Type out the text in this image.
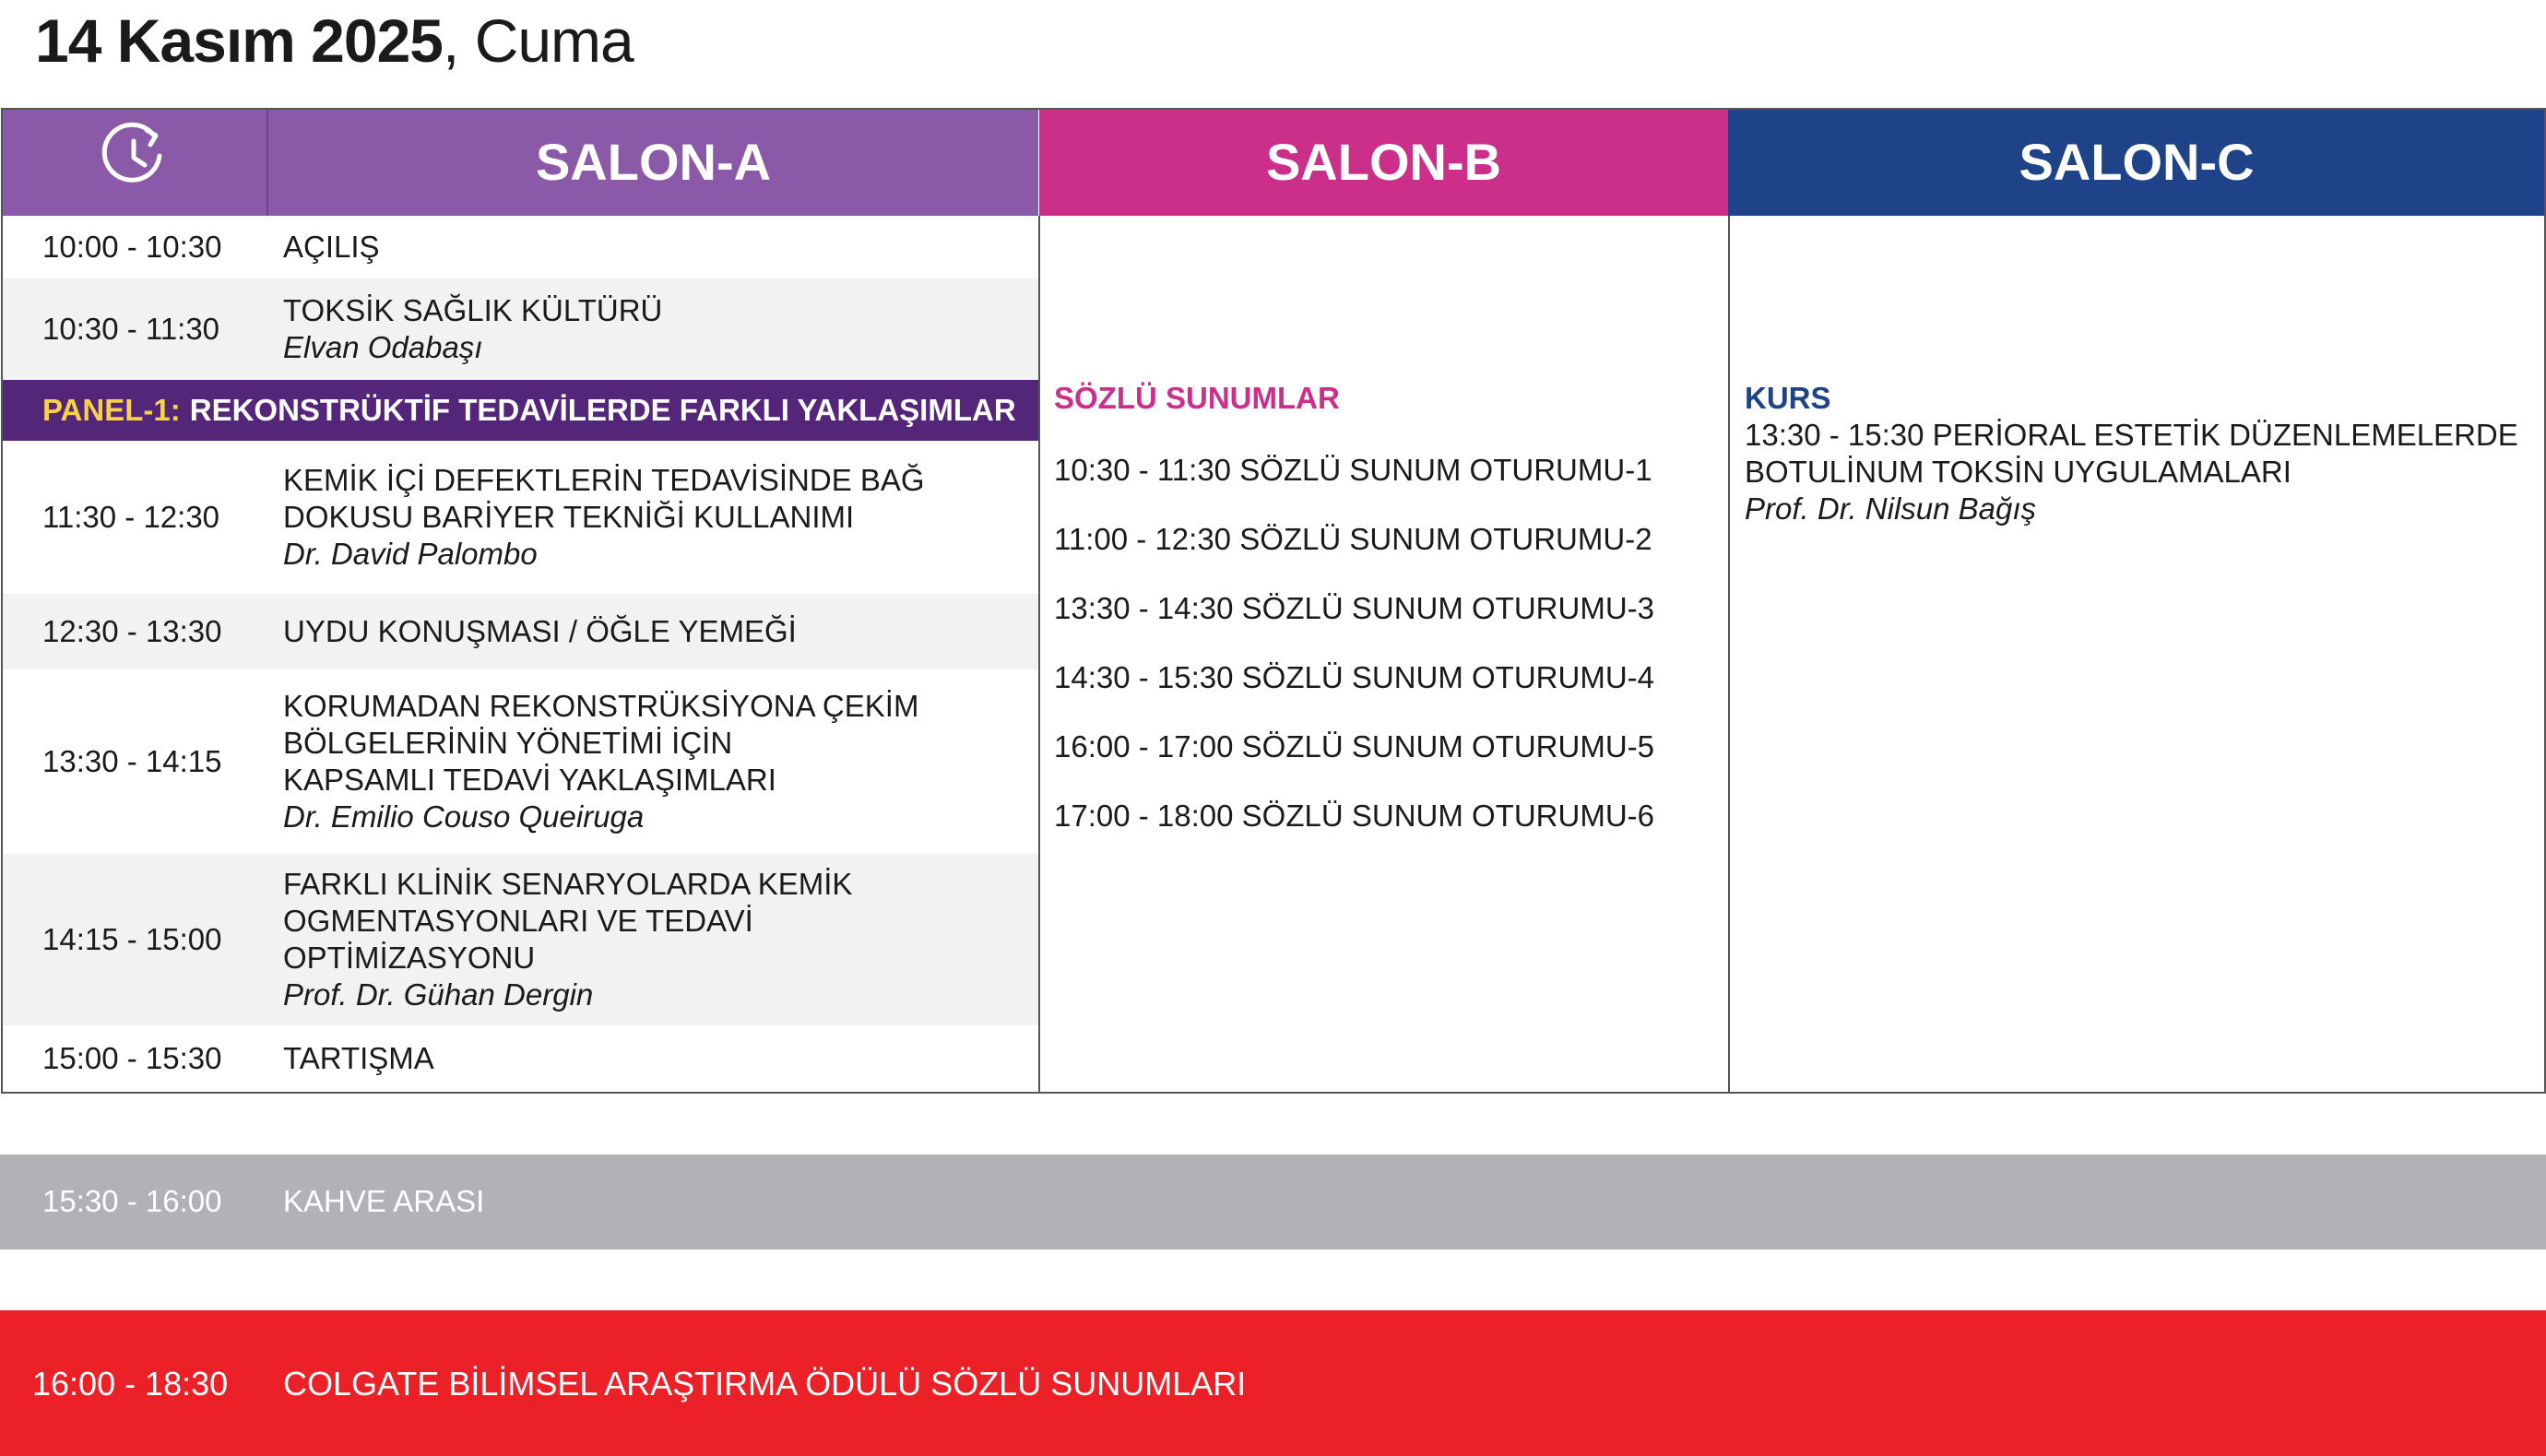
14 Kasım 2025, Cuma
SALON-A	SALON-B	SALON-C
10:00 - 10:30 AÇILIŞ
10:30 - 11:30
TOKSİK SAĞLIK KÜLTÜRÜ
Elvan Odabaşı
PANEL-1: REKONSTRÜKTİF TEDAVİLERDE FARKLI YAKLAŞIMLAR
11:30 - 12:30
KEMİK İÇİ DEFEKTLERİN TEDAVİSİNDE BAĞ
DOKUSU BARİYER TEKNİĞİ KULLANIMI
Dr. David Palombo
12:30 - 13:30 UYDU KONUŞMASI / ÖĞLE YEMEĞİ
13:30 - 14:15
KORUMADAN REKONSTRÜKSİYONA ÇEKİM
BÖLGELERİNİN YÖNETİMİ İÇİN
KAPSAMLI TEDAVİ YAKLAŞIMLARI
Dr. Emilio Couso Queiruga
14:15 - 15:00
FARKLI KLİNİK SENARYOLARDA KEMİK
OGMENTASYONLARI VE TEDAVİ
OPTİMİZASYONU
Prof. Dr. Gühan Dergin
15:00 - 15:30 TARTIŞMA
SÖZLÜ SUNUMLAR
10:30 - 11:30 SÖZLÜ SUNUM OTURUMU-1
11:00 - 12:30 SÖZLÜ SUNUM OTURUMU-2
13:30 - 14:30 SÖZLÜ SUNUM OTURUMU-3
14:30 - 15:30 SÖZLÜ SUNUM OTURUMU-4
16:00 - 17:00 SÖZLÜ SUNUM OTURUMU-5
17:00 - 18:00 SÖZLÜ SUNUM OTURUMU-6
KURS
13:30 - 15:30 PERİORAL ESTETİK DÜZENLEMELERDE
BOTULİNUM TOKSİN UYGULAMALARI
Prof. Dr. Nilsun Bağış
15:30 - 16:00 KAHVE ARASI
16:00 - 18:30 COLGATE BİLİMSEL ARAŞTIRMA ÖDÜLÜ SÖZLÜ SUNUMLARI
